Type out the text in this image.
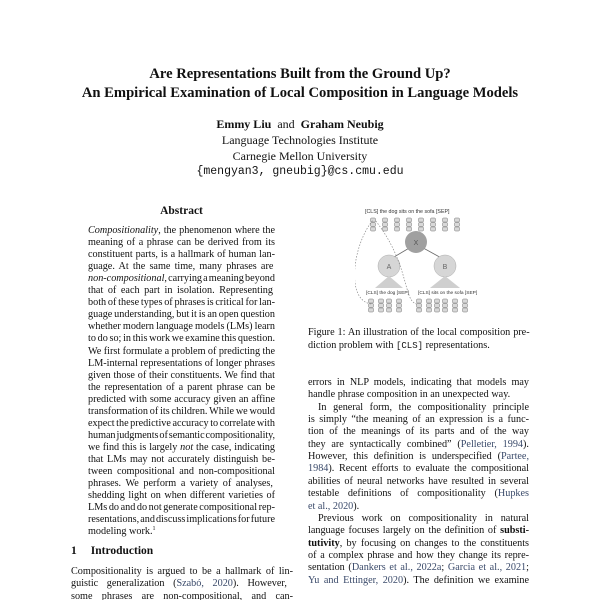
Are Representations Built from the Ground Up?
An Empirical Examination of Local Composition in Language Models
Emmy Liu and Graham Neubig
Language Technologies Institute
Carnegie Mellon University
{mengyan3, gneubig}@cs.cmu.edu
Abstract
Compositionality, the phenomenon where the
meaning of a phrase can be derived from its
constituent parts, is a hallmark of human lan-
guage. At the same time, many phrases are
non-compositional, carrying a meaning beyond
that of each part in isolation. Representing
both of these types of phrases is critical for lan-
guage understanding, but it is an open question
whether modern language models (LMs) learn
to do so; in this work we examine this question.
We first formulate a problem of predicting the
LM-internal representations of longer phrases
given those of their constituents. We find that
the representation of a parent phrase can be
predicted with some accuracy given an affine
transformation of its children. While we would
expect the predictive accuracy to correlate with
human judgments of semantic compositionality,
we find this is largely not the case, indicating
that LMs may not accurately distinguish be-
tween compositional and non-compositional
phrases. We perform a variety of analyses,
shedding light on when different varieties of
LMs do and do not generate compositional rep-
resentations, and discuss implications for future
modeling work.$^1$
1 Introduction
Compositionality is argued to be a hallmark of lin-
guistic generalization (Szabó, 2020). However,
some phrases are non-compositional, and can-
[CLS] the dog sits on the sofa [SEP]
X
A	B
[CLS] the dog [SEP] [CLS] sits on the sofa [SEP]
Figure 1: An illustration of the local composition pre-
diction problem with [CLS] representations.
errors in NLP models, indicating that models may
handle phrase composition in an unexpected way.
In general form, the compositionality principle
is simply “the meaning of an expression is a func-
tion of the meanings of its parts and of the way
they are syntactically combined” (Pelletier, 1994).
However, this definition is underspecified (Partee,
1984). Recent efforts to evaluate the compositional
abilities of neural networks have resulted in several
testable definitions of compositionality (Hupkes
et al., 2020).
Previous work on compositionality in natural
language focuses largely on the definition of substi-
tutivity, by focusing on changes to the constituents
of a complex phrase and how they change its repre-
sentation (Dankers et al., 2022a; Garcia et al., 2021;
Yu and Ettinger, 2020). The definition we examine
